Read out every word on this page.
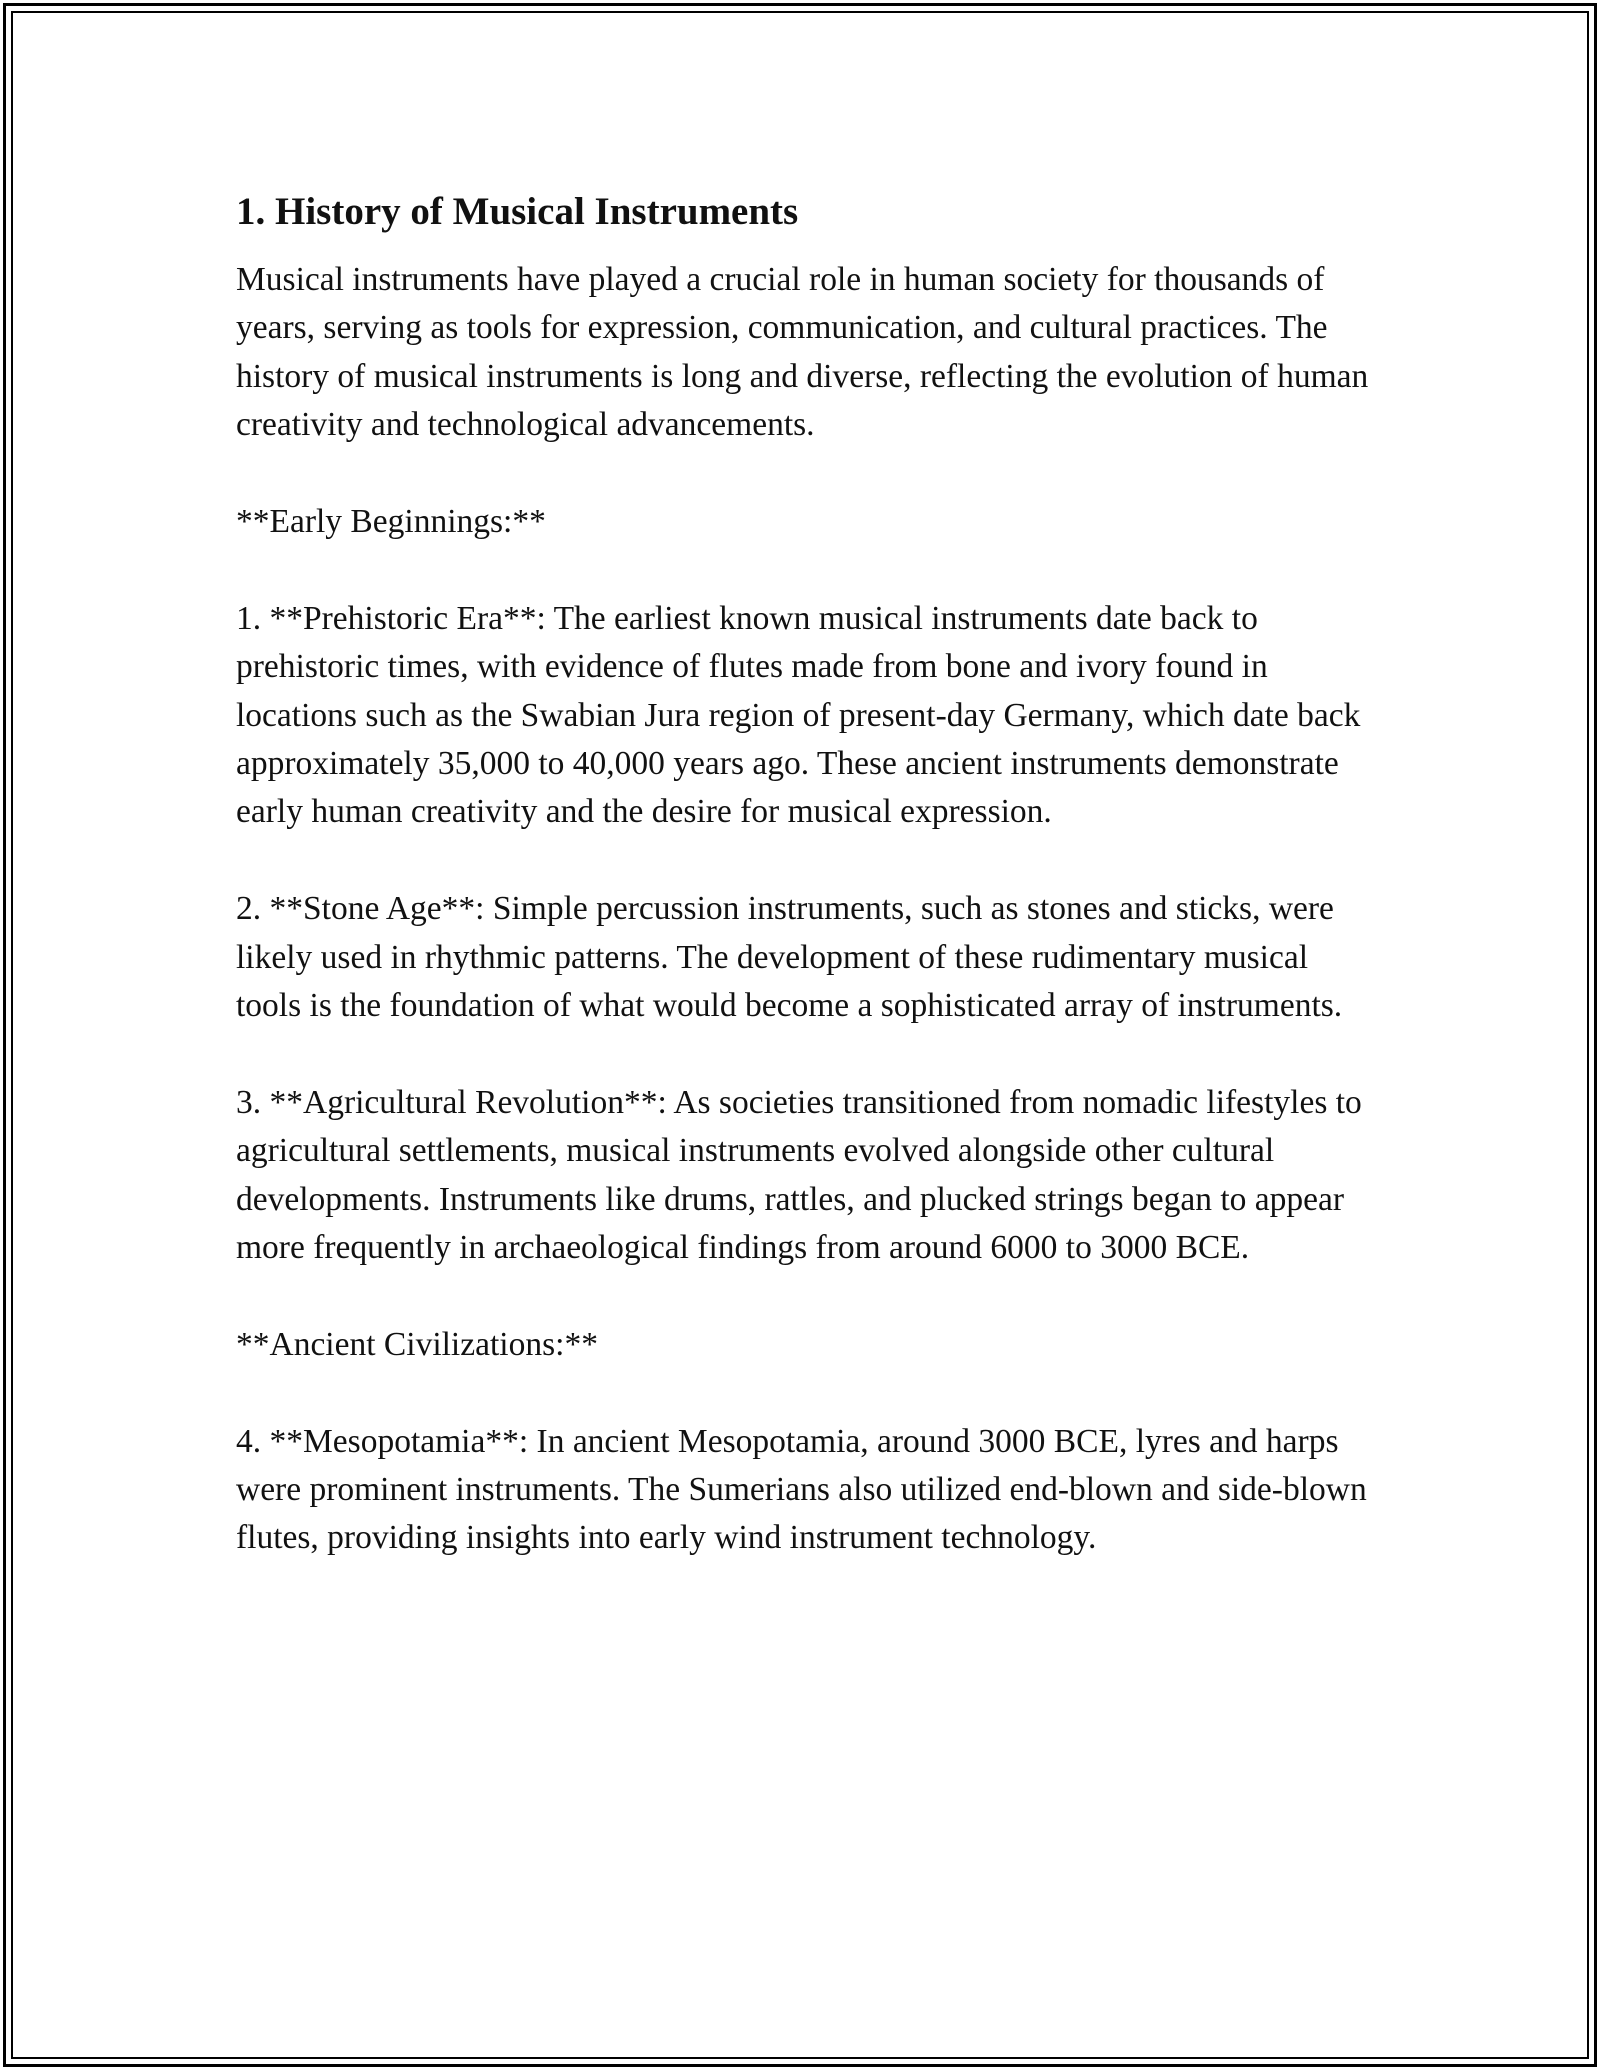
1. History of Musical Instruments

Musical instruments have played a crucial role in human society for thousands of years, serving as tools for expression, communication, and cultural practices. The history of musical instruments is long and diverse, reflecting the evolution of human creativity and technological advancements.

**Early Beginnings:**

1. **Prehistoric Era**: The earliest known musical instruments date back to prehistoric times, with evidence of flutes made from bone and ivory found in locations such as the Swabian Jura region of present-day Germany, which date back approximately 35,000 to 40,000 years ago. These ancient instruments demonstrate early human creativity and the desire for musical expression.

2. **Stone Age**: Simple percussion instruments, such as stones and sticks, were likely used in rhythmic patterns. The development of these rudimentary musical tools is the foundation of what would become a sophisticated array of instruments.

3. **Agricultural Revolution**: As societies transitioned from nomadic lifestyles to agricultural settlements, musical instruments evolved alongside other cultural developments. Instruments like drums, rattles, and plucked strings began to appear more frequently in archaeological findings from around 6000 to 3000 BCE.

**Ancient Civilizations:**

4. **Mesopotamia**: In ancient Mesopotamia, around 3000 BCE, lyres and harps were prominent instruments. The Sumerians also utilized end-blown and side-blown flutes, providing insights into early wind instrument technology.
